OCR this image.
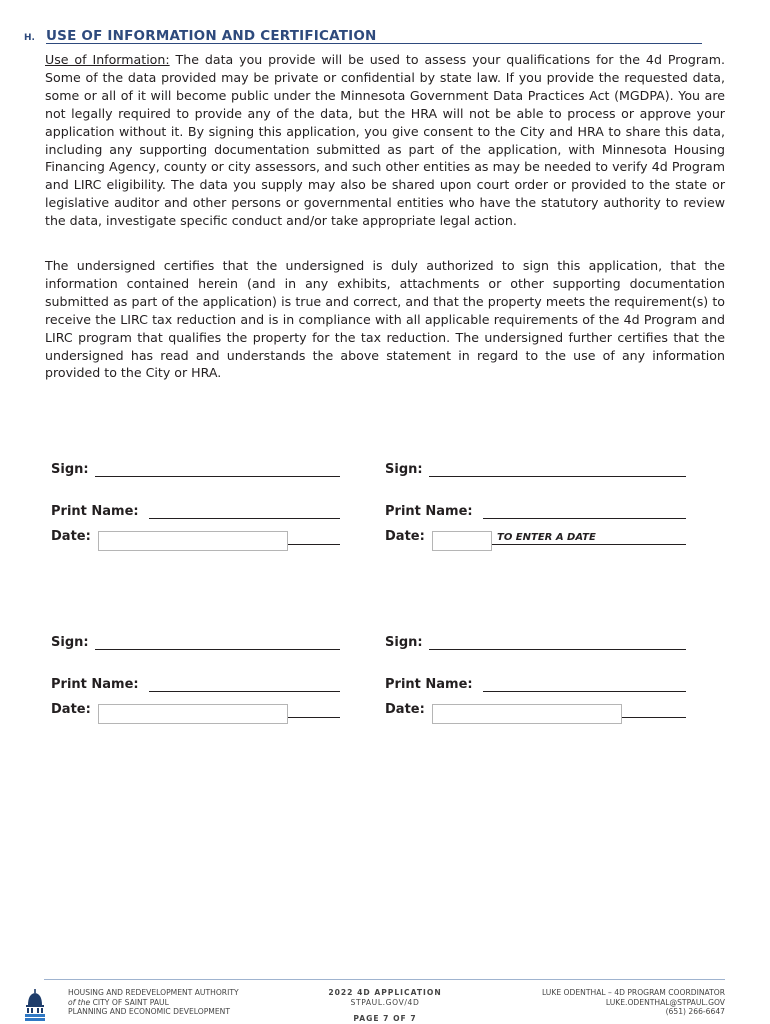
H. USE OF INFORMATION AND CERTIFICATION

Use of Information: The data you provide will be used to assess your qualifications for the 4d Program. Some of the data provided may be private or confidential by state law. If you provide the requested data, some or all of it will become public under the Minnesota Government Data Practices Act (MGDPA). You are not legally required to provide any of the data, but the HRA will not be able to process or approve your application without it. By signing this application, you give consent to the City and HRA to share this data, including any supporting documentation submitted as part of the application, with Minnesota Housing Financing Agency, county or city assessors, and such other entities as may be needed to verify 4d Program and LIRC eligibility. The data you supply may also be shared upon court order or provided to the state or legislative auditor and other persons or governmental entities who have the statutory authority to review the data, investigate specific conduct and/or take appropriate legal action.

The undersigned certifies that the undersigned is duly authorized to sign this application, that the information contained herein (and in any exhibits, attachments or other supporting documentation submitted as part of the application) is true and correct, and that the property meets the requirement(s) to receive the LIRC tax reduction and is in compliance with all applicable requirements of the 4d Program and LIRC program that qualifies the property for the tax reduction. The undersigned further certifies that the undersigned has read and understands the above statement in regard to the use of any information provided to the City or HRA.

Sign:
Print Name:
Date:
Sign:
Print Name:
Date:	TO ENTER A DATE
Sign:
Print Name:
Date:
Sign:
Print Name:
Date:
HOUSING AND REDEVELOPMENT AUTHORITY
of the CITY OF SAINT PAUL
PLANNING AND ECONOMIC DEVELOPMENT
2022 4D APPLICATION
STPAUL.GOV/4D
PAGE 7 OF 7
LUKE ODENTHAL – 4D PROGRAM COORDINATOR
LUKE.ODENTHAL@STPAUL.GOV
(651) 266-6647
